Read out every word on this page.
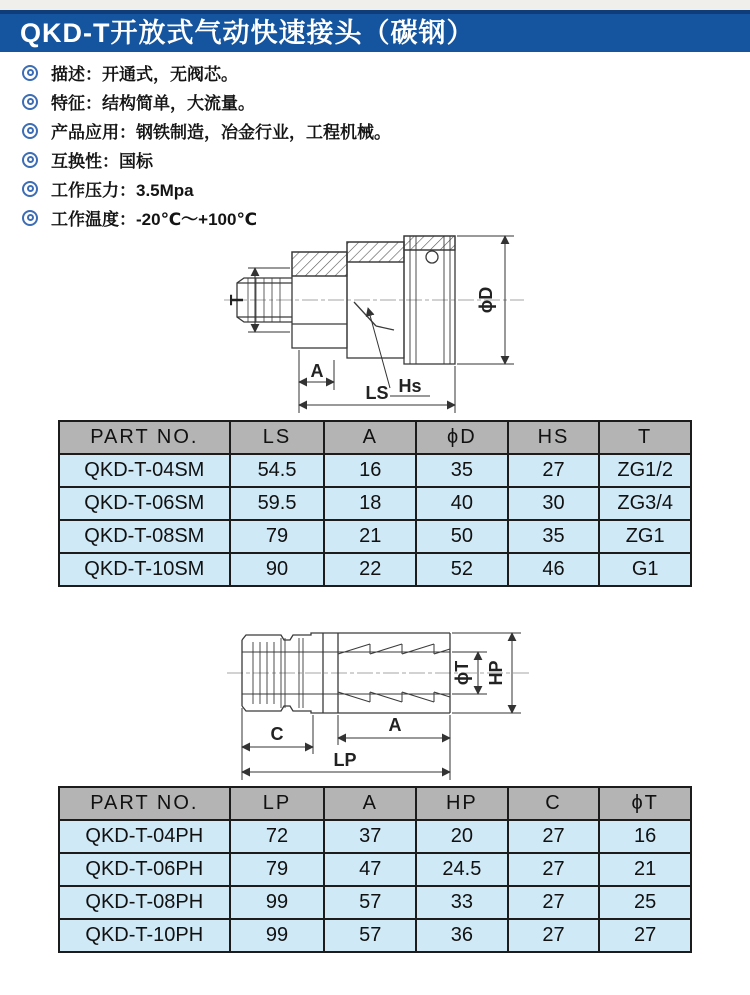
QKD-T开放式气动快速接头（碳钢）
描述：开通式，无阀芯。
特征：结构简单，大流量。
产品应用：钢铁制造，冶金行业，工程机械。
互换性：国标
工作压力：3.5Mpa
工作温度：-20℃～+100℃
T	ϕD
A
Hs
LS
PART NO.	LS	A	ϕD	HS	T
QKD-T-04SM	54.5	16	35	27	ZG1/2
QKD-T-06SM	59.5	18	40	30	ZG3/4
QKD-T-08SM	79	21	50	35	ZG1
QKD-T-10SM	90	22	52	46	G1
C	A
LP
ϕT HP
PART NO.	LP	A	HP	C	ϕT
QKD-T-04PH	72	37	20	27	16
QKD-T-06PH	79	47	24.5	27	21
QKD-T-08PH	99	57	33	27	25
QKD-T-10PH	99	57	36	27	27
